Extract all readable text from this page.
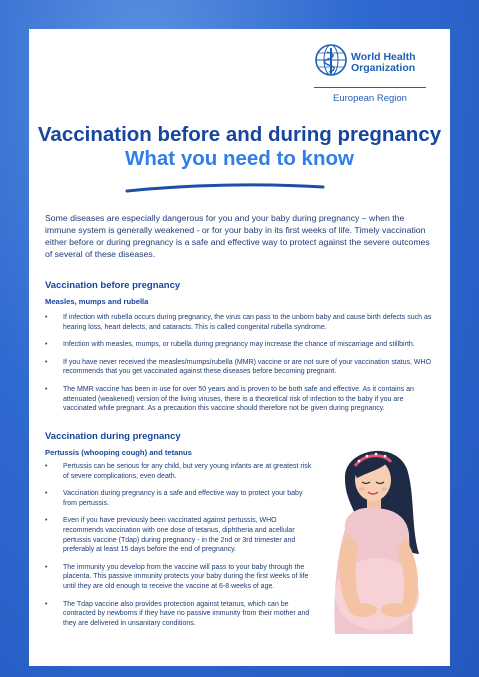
World Health Organization
European Region
Vaccination before and during pregnancy
What you need to know
Some diseases are especially dangerous for you and your baby during pregnancy – when the immune system is generally weakened - or for your baby in its first weeks of life. Timely vaccination either before or during pregnancy is a safe and effective way to protect against the severe outcomes of several of these diseases.
Vaccination before pregnancy
Measles, mumps and rubella
• If infection with rubella occurs during pregnancy, the virus can pass to the unborn baby and cause birth defects such as hearing loss, heart defects, and cataracts. This is called congenital rubella syndrome.
• Infection with measles, mumps, or rubella during pregnancy may increase the chance of miscarriage and stillbirth.
• If you have never received the measles/mumps/rubella (MMR) vaccine or are not sure of your vaccination status, WHO recommends that you get vaccinated against these diseases before becoming pregnant.
• The MMR vaccine has been in use for over 50 years and is proven to be both safe and effective. As it contains an attenuated (weakened) version of the living viruses, there is a theoretical risk of infection to the baby if you are vaccinated while pregnant. As a precaution this vaccine should therefore not be given during pregnancy.
Vaccination during pregnancy
Pertussis (whooping cough) and tetanus
• Pertussis can be serious for any child, but very young infants are at greatest risk of severe complications, even death.
• Vaccination during pregnancy is a safe and effective way to protect your baby from pertussis.
• Even if you have previously been vaccinated against pertussis, WHO recommends vaccination with one dose of tetanus, diphtheria and acellular pertussis vaccine (Tdap) during pregnancy - in the 2nd or 3rd trimester and preferably at least 15 days before the end of pregnancy.
• The immunity you develop from the vaccine will pass to your baby through the placenta. This passive immunity protects your baby during the first weeks of life until they are old enough to receive the vaccine at 6-8 weeks of age.
• The Tdap vaccine also provides protection against tetanus, which can be contracted by newborns if they have no passive immunity from their mother and they are delivered in unsanitary conditions.
